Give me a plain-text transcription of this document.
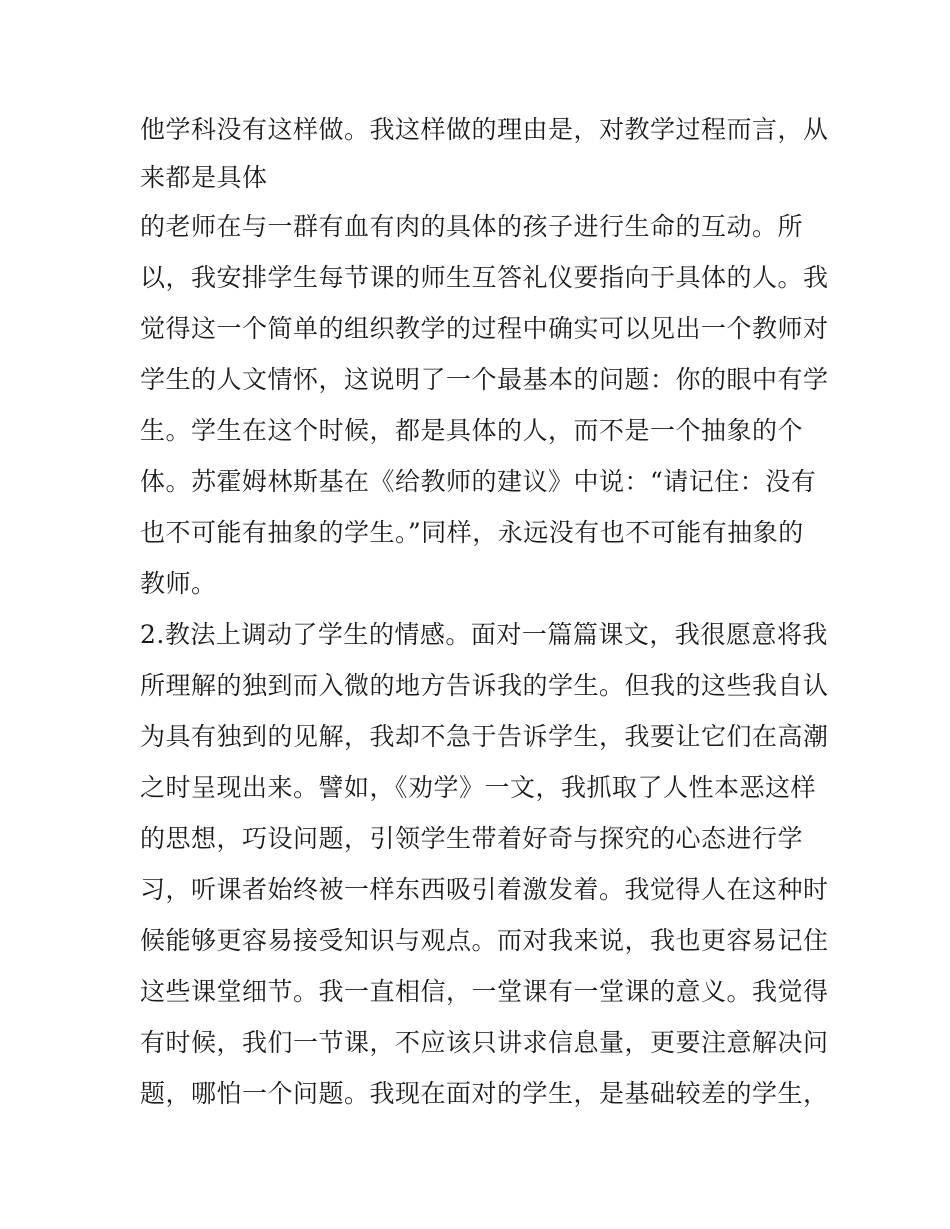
他学科没有这样做。我这样做的理由是，对教学过程而言，从
来都是具体
的老师在与一群有血有肉的具体的孩子进行生命的互动。所
以，我安排学生每节课的师生互答礼仪要指向于具体的人。我
觉得这一个简单的组织教学的过程中确实可以见出一个教师对
学生的人文情怀，这说明了一个最基本的问题：你的眼中有学
生。学生在这个时候，都是具体的人，而不是一个抽象的个
体。苏霍姆林斯基在《给教师的建议》中说：“请记住：没有
也不可能有抽象的学生。”同样，永远没有也不可能有抽象的
教师。
2.教法上调动了学生的情感。面对一篇篇课文，我很愿意将我
所理解的独到而入微的地方告诉我的学生。但我的这些我自认
为具有独到的见解，我却不急于告诉学生，我要让它们在高潮
之时呈现出来。譬如，《劝学》一文，我抓取了人性本恶这样
的思想，巧设问题，引领学生带着好奇与探究的心态进行学
习，听课者始终被一样东西吸引着激发着。我觉得人在这种时
候能够更容易接受知识与观点。而对我来说，我也更容易记住
这些课堂细节。我一直相信，一堂课有一堂课的意义。我觉得
有时候，我们一节课，不应该只讲求信息量，更要注意解决问
题，哪怕一个问题。我现在面对的学生，是基础较差的学生，
